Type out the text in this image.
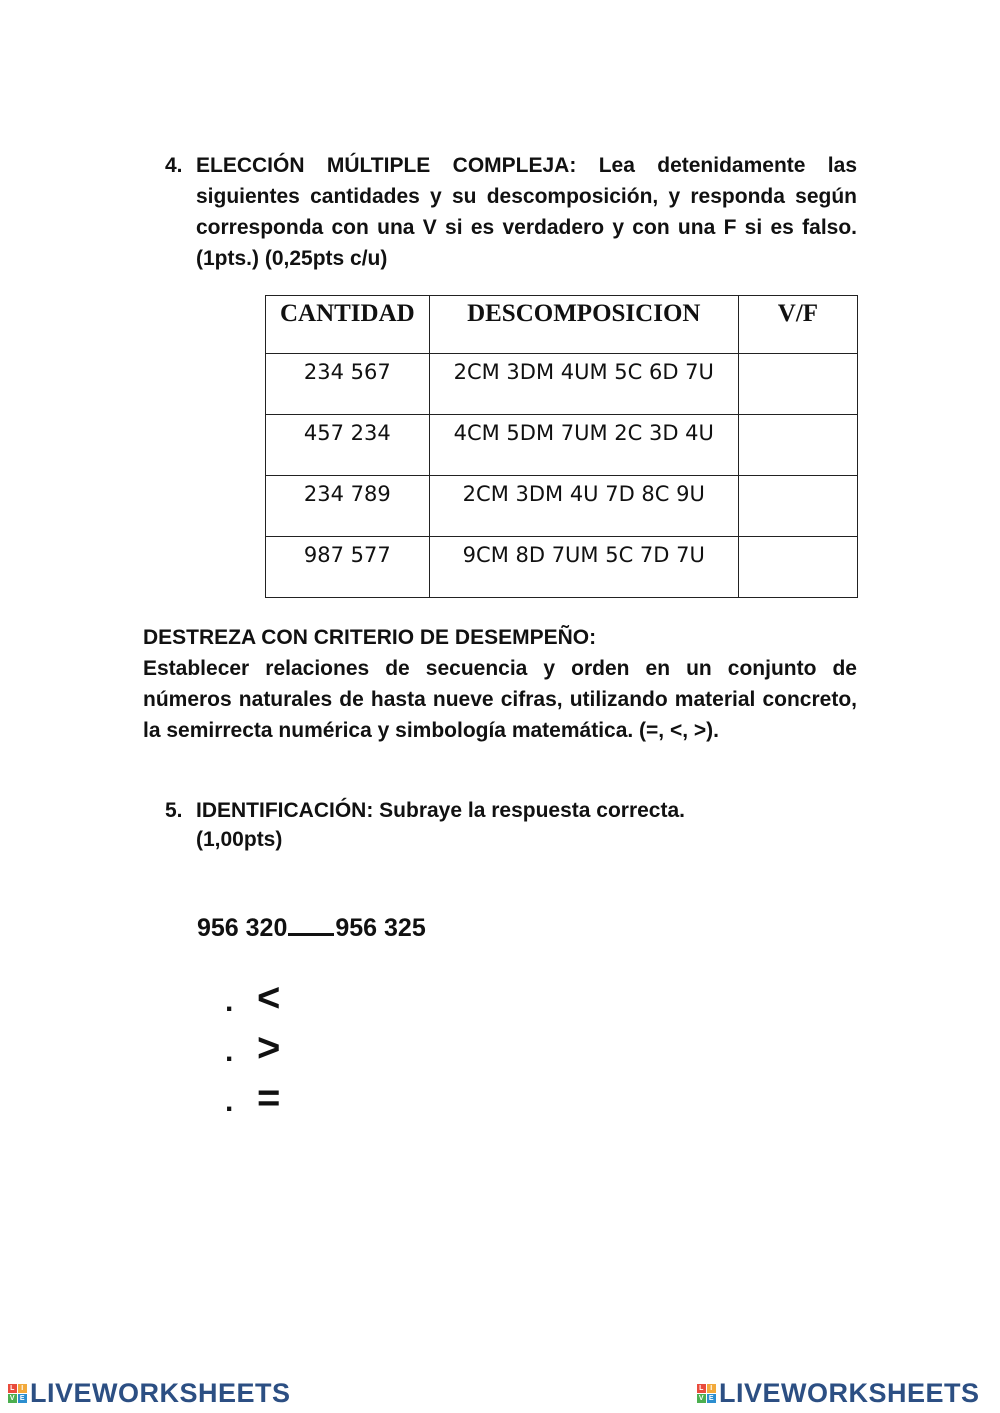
4. ELECCIÓN MÚLTIPLE COMPLEJA: Lea detenidamente las siguientes cantidades y su descomposición, y responda según corresponda con una V si es verdadero y con una F si es falso. (1pts.) (0,25pts c/u)
CANTIDAD	DESCOMPOSICION	V/F
234 567	2CM 3DM 4UM 5C 6D 7U	
457 234	4CM 5DM 7UM 2C 3D 4U	
234 789	2CM 3DM 4U 7D 8C 9U	
987 577	9CM 8D 7UM 5C 7D 7U	
DESTREZA CON CRITERIO DE DESEMPEÑO:
Establecer relaciones de secuencia y orden en un conjunto de números naturales de hasta nueve cifras, utilizando material concreto, la semirrecta numérica y simbología matemática. (=, <, >).
5. IDENTIFICACIÓN: Subraye la respuesta correcta.
(1,00pts)
956 320 956 325
. <
. >
. =
L I
V E LIVEWORKSHEETS	L I
V E LIVEWORKSHEETS
